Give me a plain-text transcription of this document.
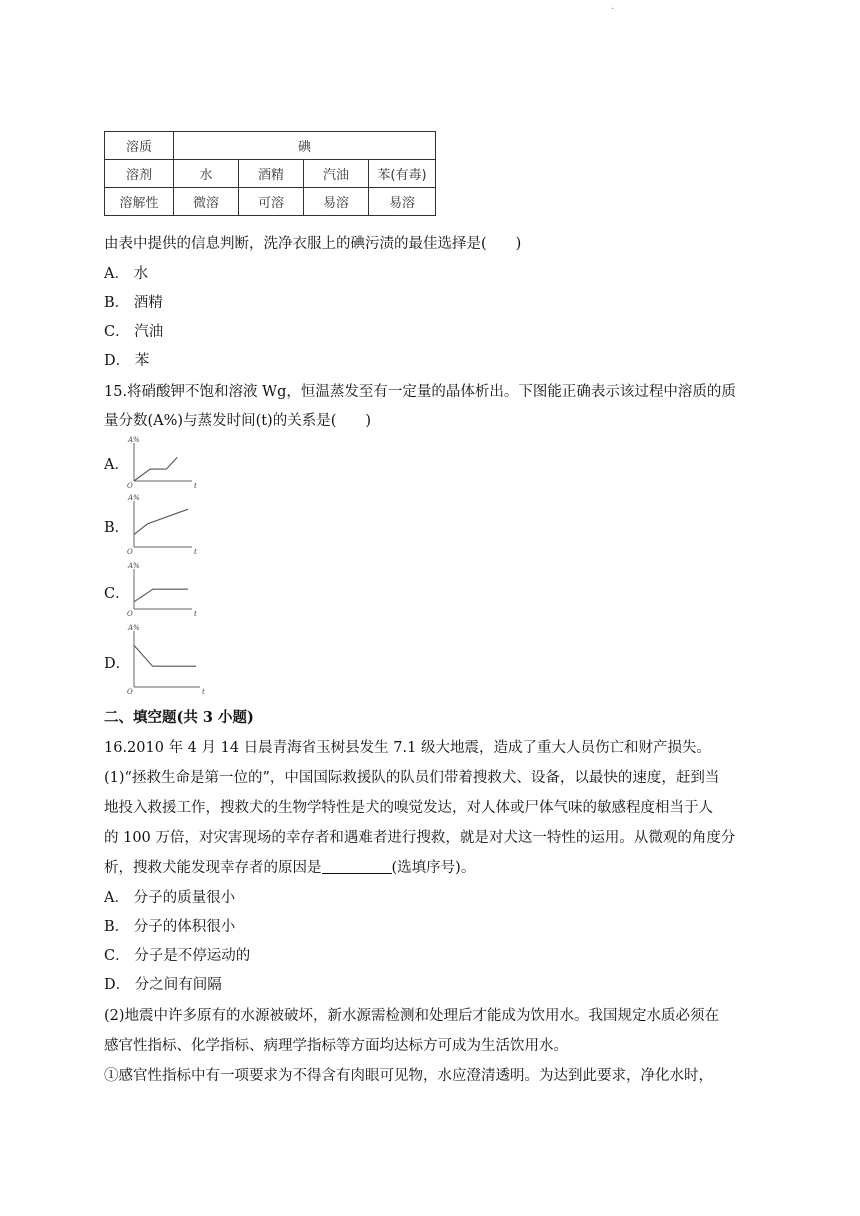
·
溶质	碘			
溶剂	水	酒精	汽油	苯(有毒)
溶解性	微溶	可溶	易溶	易溶
由表中提供的信息判断，洗净衣服上的碘污渍的最佳选择是(　　)
A． 水
B． 酒精
C． 汽油
D． 苯
15.将硝酸钾不饱和溶液 Wg，恒温蒸发至有一定量的晶体析出。下图能正确表示该过程中溶质的质
量分数(A%)与蒸发时间(t)的关系是(　　)
A．
A%
t
O
B．
A%
t
O
C．
A%
t
O
D．
A%
t
O
二、填空题(共 3 小题)
16.2010 年 4 月 14 日晨青海省玉树县发生 7.1 级大地震，造成了重大人员伤亡和财产损失。
(1)“拯救生命是第一位的”，中国国际救援队的队员们带着搜救犬、设备，以最快的速度，赶到当
地投入救援工作，搜救犬的生物学特性是犬的嗅觉发达，对人体或尸体气味的敏感程度相当于人
的 100 万倍，对灾害现场的幸存者和遇难者进行搜救，就是对犬这一特性的运用。从微观的角度分
析，搜救犬能发现幸存者的原因是	(选填序号)。
A． 分子的质量很小
B． 分子的体积很小
C． 分子是不停运动的
D． 分之间有间隔
(2)地震中许多原有的水源被破坏，新水源需检测和处理后才能成为饮用水。我国规定水质必须在
感官性指标、化学指标、病理学指标等方面均达标方可成为生活饮用水。
①感官性指标中有一项要求为不得含有肉眼可见物，水应澄清透明。为达到此要求，净化水时，
